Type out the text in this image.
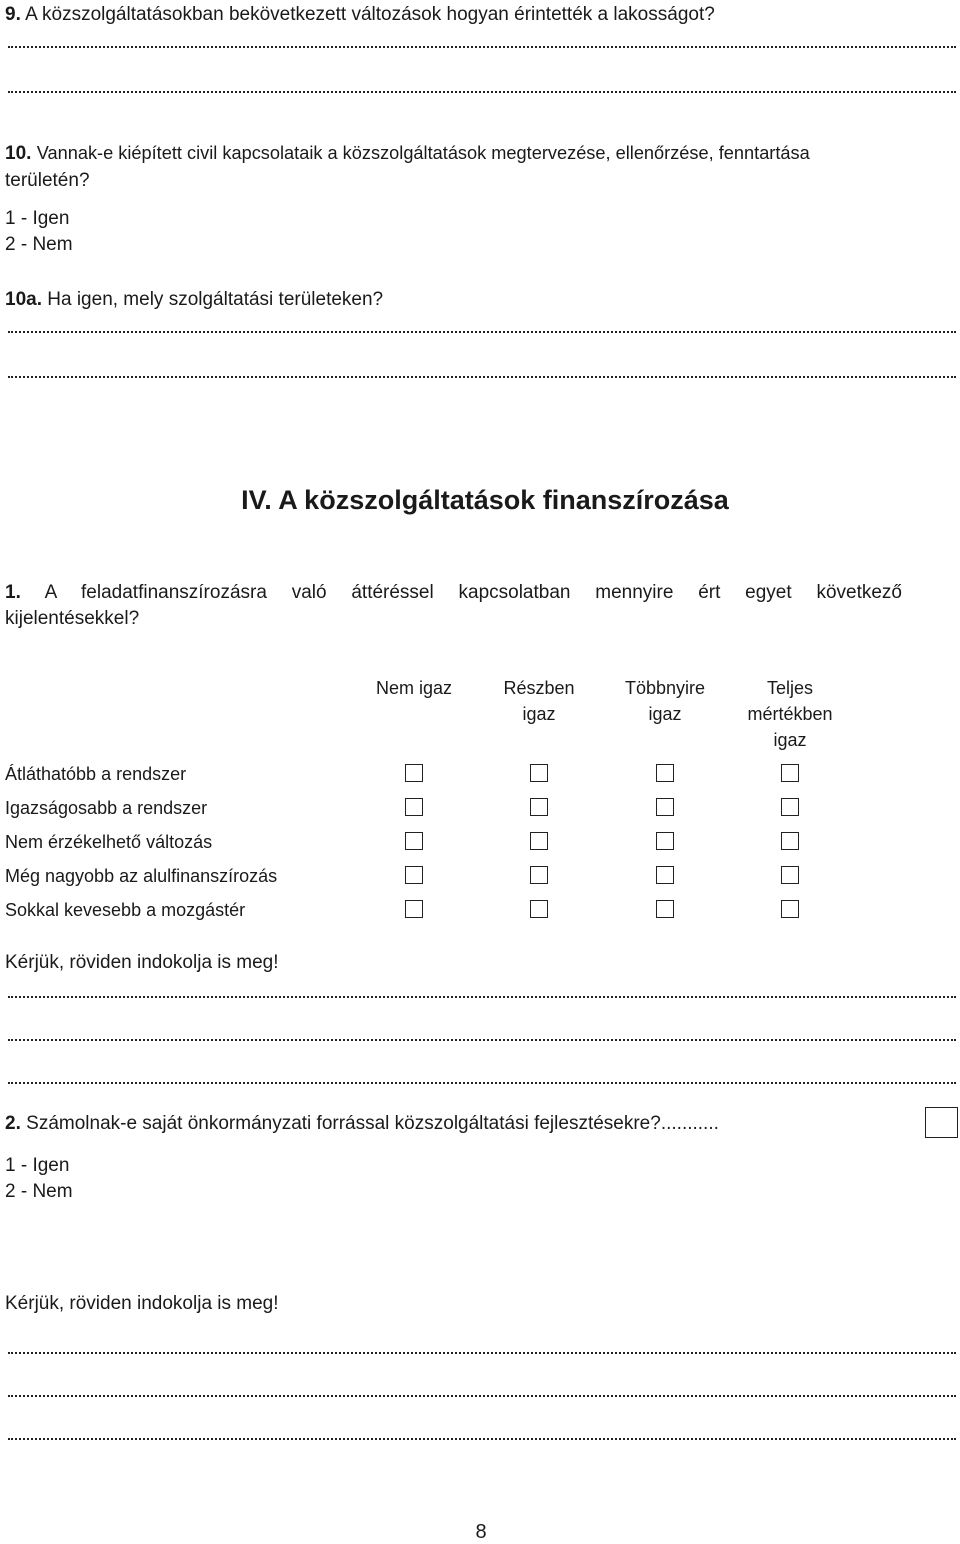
9. A közszolgáltatásokban bekövetkezett változások hogyan érintették a lakosságot?
10. Vannak-e kiépített civil kapcsolataik a közszolgáltatások megtervezése, ellenőrzése, fenntartása
területén?
1 - Igen
2 - Nem
10a. Ha igen, mely szolgáltatási területeken?
IV. A közszolgáltatások finanszírozása
1. A feladatfinanszírozásra való áttéréssel kapcsolatban mennyire ért egyet következő
kijelentésekkel?
Nem igaz	Részben
igaz
Többnyire
igaz
Teljes
mértékben
igaz
Átláthatóbb a rendszer
Igazságosabb a rendszer
Nem érzékelhető változás
Még nagyobb az alulfinanszírozás
Sokkal kevesebb a mozgástér
Kérjük, röviden indokolja is meg!
2. Számolnak-e saját önkormányzati forrással közszolgáltatási fejlesztésekre?...........
1 - Igen
2 - Nem
Kérjük, röviden indokolja is meg!
8
